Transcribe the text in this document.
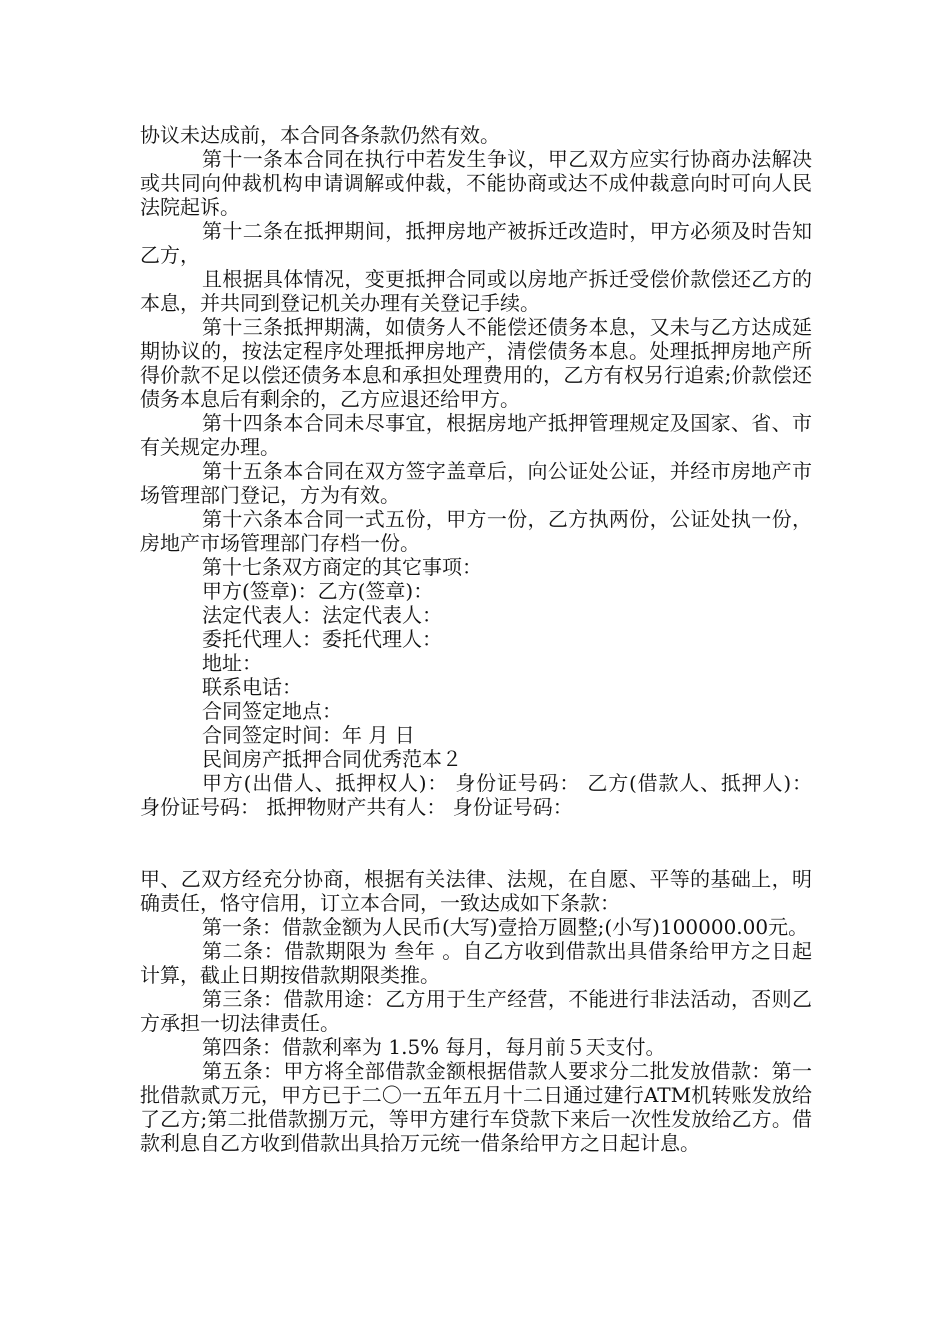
协议未达成前，本合同各条款仍然有效。

第十一条本合同在执行中若发生争议，甲乙双方应实行协商办法解决或共同向仲裁机构申请调解或仲裁，不能协商或达不成仲裁意向时可向人民法院起诉。

第十二条在抵押期间，抵押房地产被拆迁改造时，甲方必须及时告知乙方，

且根据具体情况，变更抵押合同或以房地产拆迁受偿价款偿还乙方的本息，并共同到登记机关办理有关登记手续。

第十三条抵押期满，如债务人不能偿还债务本息，又未与乙方达成延期协议的，按法定程序处理抵押房地产，清偿债务本息。处理抵押房地产所得价款不足以偿还债务本息和承担处理费用的，乙方有权另行追索;价款偿还债务本息后有剩余的，乙方应退还给甲方。

第十四条本合同未尽事宜，根据房地产抵押管理规定及国家、省、市有关规定办理。

第十五条本合同在双方签字盖章后，向公证处公证，并经市房地产市场管理部门登记，方为有效。

第十六条本合同一式五份，甲方一份，乙方执两份，公证处执一份，房地产市场管理部门存档一份。

第十七条双方商定的其它事项：

甲方(签章)：乙方(签章)：

法定代表人：法定代表人：

委托代理人：委托代理人：

地址：

联系电话：

合同签定地点：

合同签定时间：年 月 日

民间房产抵押合同优秀范本２

甲方(出借人、抵押权人)： 身份证号码： 乙方(借款人、抵押人)： 身份证号码： 抵押物财产共有人： 身份证号码：

甲、乙双方经充分协商，根据有关法律、法规，在自愿、平等的基础上，明确责任，恪守信用，订立本合同，一致达成如下条款：

第一条：借款金额为人民币(大写)壹拾万圆整;(小写)100000.00元。

第二条：借款期限为 叁年 。自乙方收到借款出具借条给甲方之日起计算，截止日期按借款期限类推。

第三条：借款用途：乙方用于生产经营，不能进行非法活动，否则乙方承担一切法律责任。

第四条：借款利率为 1.5% 每月，每月前５天支付。

第五条：甲方将全部借款金额根据借款人要求分二批发放借款：第一批借款贰万元，甲方已于二〇一五年五月十二日通过建行ATM机转账发放给了乙方;第二批借款捌万元，等甲方建行车贷款下来后一次性发放给乙方。借款利息自乙方收到借款出具拾万元统一借条给甲方之日起计息。
